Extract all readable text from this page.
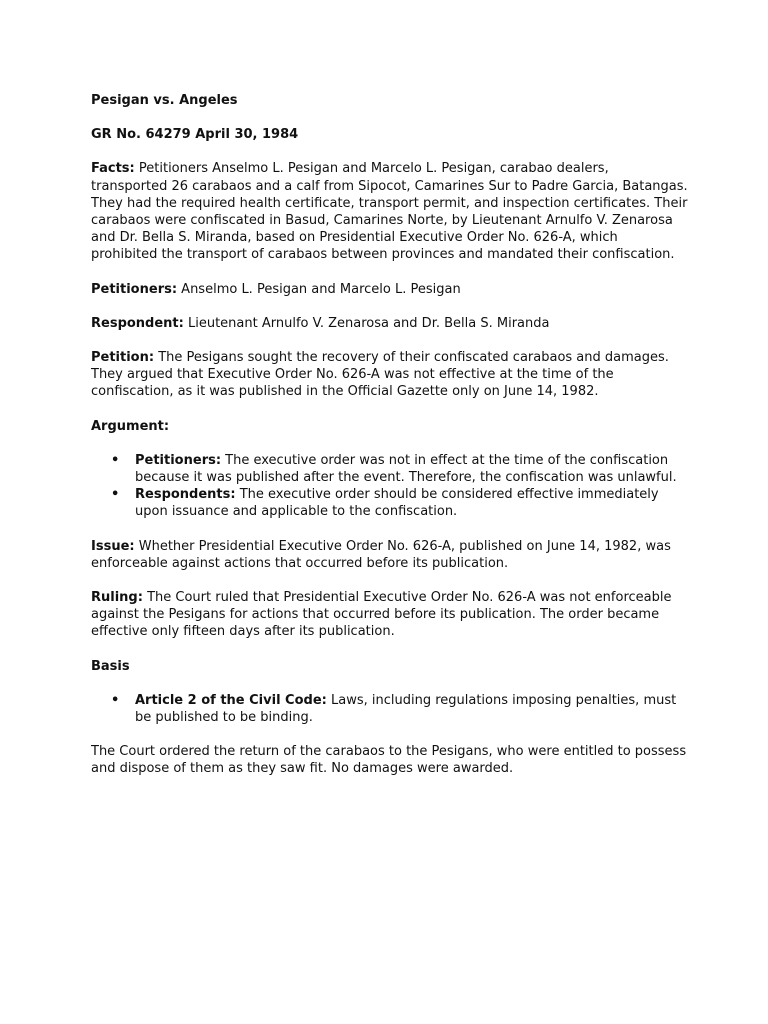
Pesigan vs. Angeles

GR No. 64279 April 30, 1984

Facts: Petitioners Anselmo L. Pesigan and Marcelo L. Pesigan, carabao dealers, transported 26 carabaos and a calf from Sipocot, Camarines Sur to Padre Garcia, Batangas. They had the required health certificate, transport permit, and inspection certificates. Their carabaos were confiscated in Basud, Camarines Norte, by Lieutenant Arnulfo V. Zenarosa and Dr. Bella S. Miranda, based on Presidential Executive Order No. 626-A, which prohibited the transport of carabaos between provinces and mandated their confiscation.

Petitioners: Anselmo L. Pesigan and Marcelo L. Pesigan

Respondent: Lieutenant Arnulfo V. Zenarosa and Dr. Bella S. Miranda

Petition: The Pesigans sought the recovery of their confiscated carabaos and damages. They argued that Executive Order No. 626-A was not effective at the time of the confiscation, as it was published in the Official Gazette only on June 14, 1982.

Argument:

• Petitioners: The executive order was not in effect at the time of the confiscation because it was published after the event. Therefore, the confiscation was unlawful.
• Respondents: The executive order should be considered effective immediately upon issuance and applicable to the confiscation.

Issue: Whether Presidential Executive Order No. 626-A, published on June 14, 1982, was enforceable against actions that occurred before its publication.

Ruling: The Court ruled that Presidential Executive Order No. 626-A was not enforceable against the Pesigans for actions that occurred before its publication. The order became effective only fifteen days after its publication.

Basis

• Article 2 of the Civil Code: Laws, including regulations imposing penalties, must be published to be binding.

The Court ordered the return of the carabaos to the Pesigans, who were entitled to possess and dispose of them as they saw fit. No damages were awarded.
